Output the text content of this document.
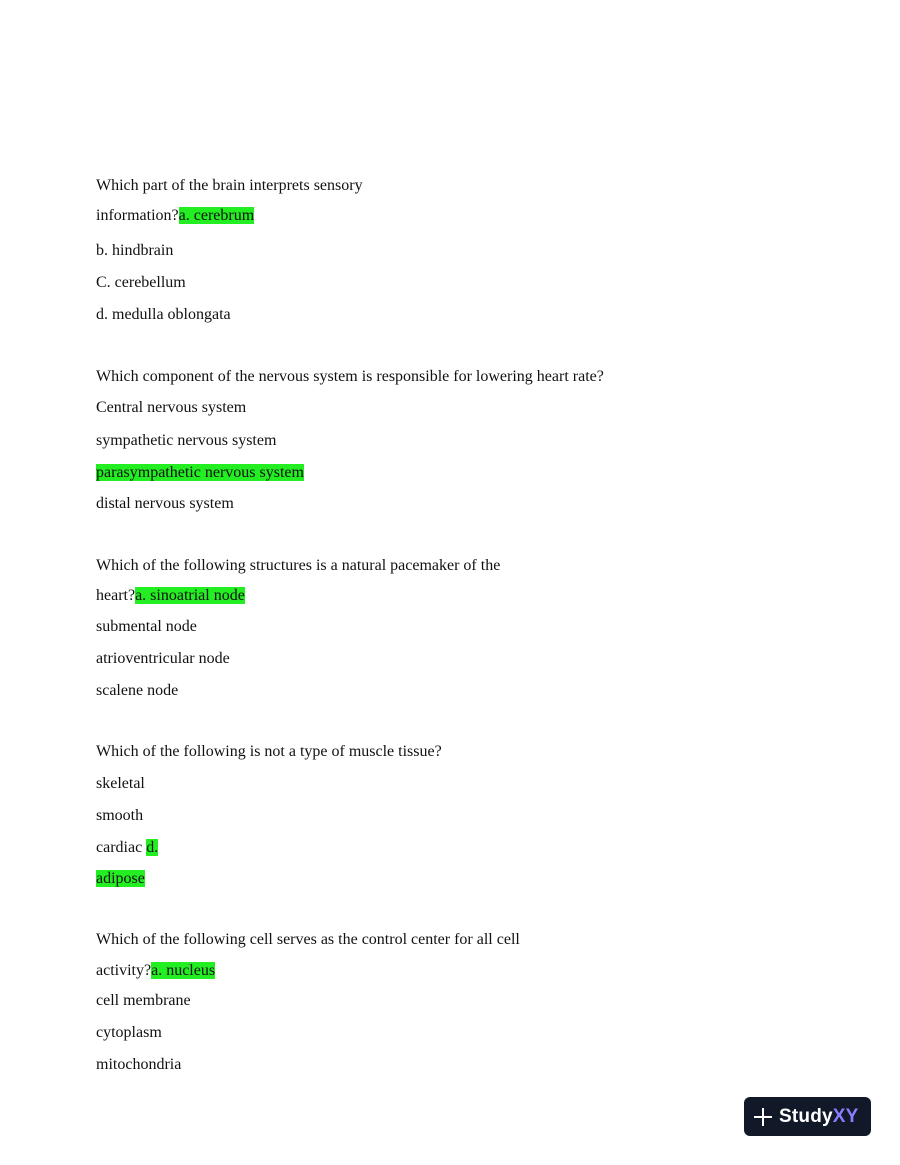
Which part of the brain interprets sensory
information?a. cerebrum
b. hindbrain
C. cerebellum
d. medulla oblongata
Which component of the nervous system is responsible for lowering heart rate?
Central nervous system
sympathetic nervous system
parasympathetic nervous system
distal nervous system
Which of the following structures is a natural pacemaker of the
heart?a. sinoatrial node
submental node
atrioventricular node
scalene node
Which of the following is not a type of muscle tissue?
skeletal
smooth
cardiac d.
adipose
Which of the following cell serves as the control center for all cell
activity?a. nucleus
cell membrane
cytoplasm
mitochondria
StudyXY
